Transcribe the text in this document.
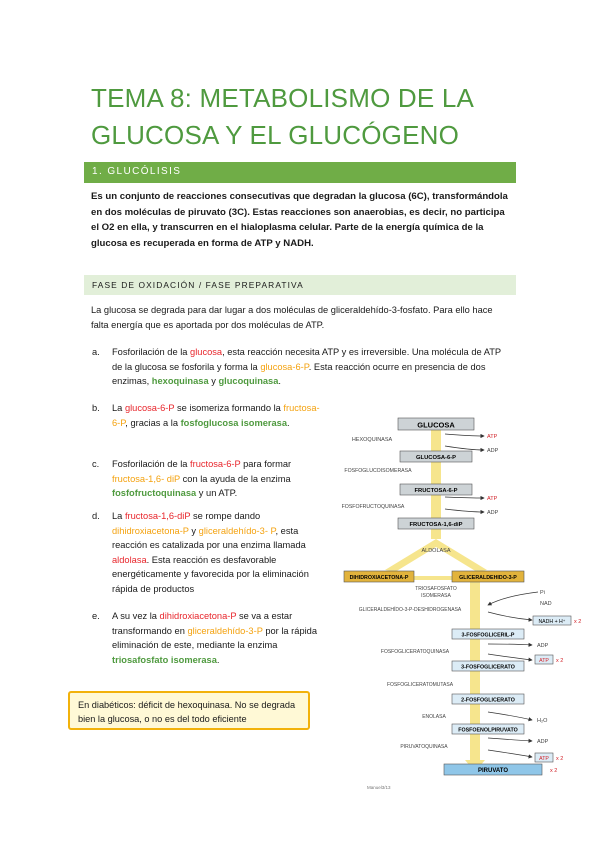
TEMA 8: METABOLISMO DE LA
GLUCOSA Y EL GLUCÓGENO
1. GLUCÓLISIS

Es un conjunto de reacciones consecutivas que degradan la glucosa (6C), transformándola en dos moléculas de piruvato (3C). Estas reacciones son anaerobias, es decir, no participa el O2 en ella, y transcurren en el hialoplasma celular. Parte de la energía química de la glucosa es recuperada en forma de ATP y NADH.

FASE DE OXIDACIÓN / FASE PREPARATIVA

La glucosa se degrada para dar lugar a dos moléculas de gliceraldehído-3-fosfato. Para ello hace falta energía que es aportada por dos moléculas de ATP.

a. Fosforilación de la glucosa, esta reacción necesita ATP y es irreversible. Una molécula de ATP de la glucosa se fosforila y forma la glucosa-6-P. Esta reacción ocurre en presencia de dos enzimas, hexoquinasa y glucoquinasa.

b. La glucosa-6-P se isomeriza formando la fructosa- 6-P, gracias a la fosfoglucosa isomerasa.

c. Fosforilación de la fructosa-6-P para formar fructosa-1,6- diP con la ayuda de la enzima fosfofructoquinasa y un ATP.

d. La fructosa-1,6-diP se rompe dando dihidroxiacetona-P y gliceraldehído-3- P, esta reacción es catalizada por una enzima llamada aldolasa. Esta reacción es desfavorable energéticamente y favorecida por la eliminación rápida de productos

e. A su vez la dihidroxiacetona-P se va a estar transformando en gliceraldehído-3-P por la rápida eliminación de este, mediante la enzima triosafosfato isomerasa.

En diabéticos: déficit de hexoquinasa. No se degrada bien la glucosa, o no es del todo eficiente
GLUCOSA
HEXOQUINASA	ATP
ADP
GLUCOSA-6-P
FOSFOGLUCOISOMERASA
FRUCTOSA-6-P
FOSFOFRUCTOQUINASA
ATP
ADP
FRUCTOSA-1,6-diP
ALDOLASA
DIHIDROXIACETONA-P	GLICERALDEHIDO-3-P
TRIOSAFOSFATO
ISOMERASA	Pi
NAD
GLICERALDEHÍDO-3-P-DESHIDROGENASA
NADH + H⁺ x 2
3-FOSFOGLICERIL-P
FOSFOGLICERATOQUINASA
ADP
ATP x 2
3-FOSFOGLICERATO
FOSFOGLICERATOMUTASA
2-FOSFOGLICERATO
ENOLASA
H₂O
FOSFOENOLPIRUVATO
PIRUVATOQUINASA
ADP
ATP x 2
PIRUVATO	x 2
Manuel3/13
